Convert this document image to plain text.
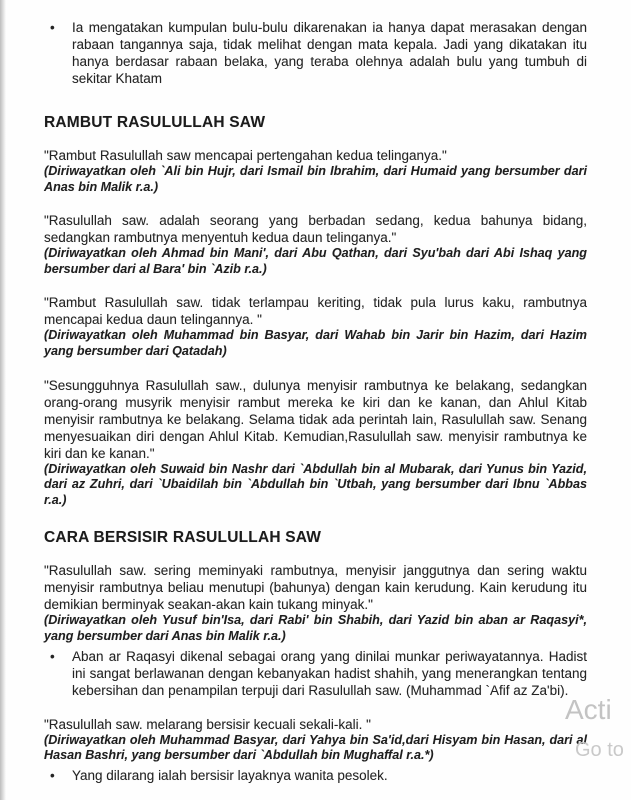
•	Ia mengatakan kumpulan bulu-bulu dikarenakan ia hanya dapat merasakan dengan rabaan tangannya saja, tidak melihat dengan mata kepala. Jadi yang dikatakan itu hanya berdasar rabaan belaka, yang teraba olehnya adalah bulu yang tumbuh di sekitar Khatam
RAMBUT RASULULLAH SAW

"Rambut Rasulullah saw mencapai pertengahan kedua telinganya."

(Diriwayatkan oleh `Ali bin Hujr, dari Ismail bin Ibrahim, dari Humaid yang bersumber dari Anas bin Malik r.a.)

"Rasulullah saw. adalah seorang yang berbadan sedang, kedua bahunya bidang, sedangkan rambutnya menyentuh kedua daun telinganya."

(Diriwayatkan oleh Ahmad bin Mani', dari Abu Qathan, dari Syu'bah dari Abi Ishaq yang bersumber dari al Bara' bin `Azib r.a.)

"Rambut Rasulullah saw. tidak terlampau keriting, tidak pula lurus kaku, rambutnya mencapai kedua daun telingannya. "

(Diriwayatkan oleh Muhammad bin Basyar, dari Wahab bin Jarir bin Hazim, dari Hazim yang bersumber dari Qatadah)

"Sesungguhnya Rasulullah saw., dulunya menyisir rambutnya ke belakang, sedangkan orang-orang musyrik menyisir rambut mereka ke kiri dan ke kanan, dan Ahlul Kitab menyisir rambutnya ke belakang. Selama tidak ada perintah lain, Rasulullah saw. Senang menyesuaikan diri dengan Ahlul Kitab. Kemudian,Rasulullah saw. menyisir rambutnya ke kiri dan ke kanan."

(Diriwayatkan oleh Suwaid bin Nashr dari `Abdullah bin al Mubarak, dari Yunus bin Yazid, dari az Zuhri, dari `Ubaidilah bin `Abdullah bin `Utbah, yang bersumber dari Ibnu `Abbas r.a.)

CARA BERSISIR RASULULLAH SAW

"Rasulullah saw. sering meminyaki rambutnya, menyisir janggutnya dan sering waktu menyisir rambutnya beliau menutupi (bahunya) dengan kain kerudung. Kain kerudung itu demikian berminyak seakan-akan kain tukang minyak."

(Diriwayatkan oleh Yusuf bin'Isa, dari Rabi' bin Shabih, dari Yazid bin aban ar Raqasyi*, yang bersumber dari Anas bin Malik r.a.)

•	Aban ar Raqasyi dikenal sebagai orang yang dinilai munkar periwayatannya. Hadist ini sangat berlawanan dengan kebanyakan hadist shahih, yang menerangkan tentang kebersihan dan penampilan terpuji dari Rasulullah saw. (Muhammad `Afif az Za'bi).

"Rasulullah saw. melarang bersisir kecuali sekali-kali. "

(Diriwayatkan oleh Muhammad Basyar, dari Yahya bin Sa'id,dari Hisyam bin Hasan, dari al Hasan Bashri, yang bersumber dari `Abdullah bin Mughaffal r.a.*)

•	Yang dilarang ialah bersisir layaknya wanita pesolek.
Acti
Go to
